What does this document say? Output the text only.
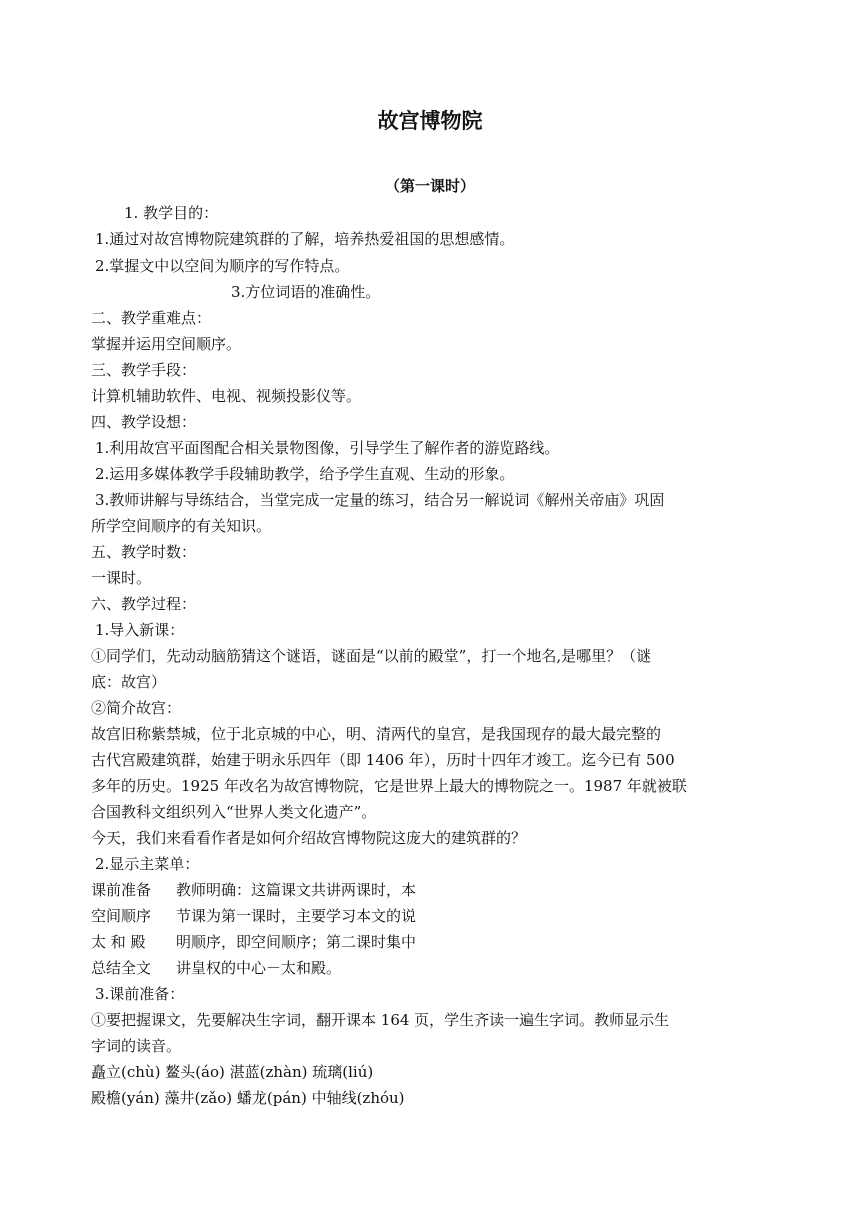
故宫博物院
（第一课时）
1. 教学目的：
1.通过对故宫博物院建筑群的了解，培养热爱祖国的思想感情。
2.掌握文中以空间为顺序的写作特点。
3.方位词语的准确性。
二、教学重难点：
掌握并运用空间顺序。
三、教学手段：
计算机辅助软件、电视、视频投影仪等。
四、教学设想：
1.利用故宫平面图配合相关景物图像，引导学生了解作者的游览路线。
2.运用多媒体教学手段辅助教学，给予学生直观、生动的形象。
3.教师讲解与导练结合，当堂完成一定量的练习，结合另一解说词《解州关帝庙》巩固
所学空间顺序的有关知识。
五、教学时数：
一课时。
六、教学过程：
1.导入新课：
①同学们，先动动脑筋猜这个谜语，谜面是“以前的殿堂”，打一个地名,是哪里？（谜
底：故宫）
②简介故宫：
故宫旧称紫禁城，位于北京城的中心，明、清两代的皇宫，是我国现存的最大最完整的
古代宫殿建筑群，始建于明永乐四年（即 1406 年），历时十四年才竣工。迄今已有 500
多年的历史。1925 年改名为故宫博物院，它是世界上最大的博物院之一。1987 年就被联
合国教科文组织列入“世界人类文化遗产”。
今天，我们来看看作者是如何介绍故宫博物院这庞大的建筑群的？
2.显示主菜单：
课前准备 教师明确：这篇课文共讲两课时，本
空间顺序 节课为第一课时，主要学习本文的说
太 和 殿 明顺序，即空间顺序；第二课时集中
总结全文 讲皇权的中心－太和殿。
3.课前准备：
①要把握课文，先要解决生字词，翻开课本 164 页，学生齐读一遍生字词。教师显示生
字词的读音。
矗立(chù) 鳌头(áo) 湛蓝(zhàn) 琉璃(liú)
殿檐(yán) 藻井(zǎo) 蟠龙(pán) 中轴线(zhóu)
